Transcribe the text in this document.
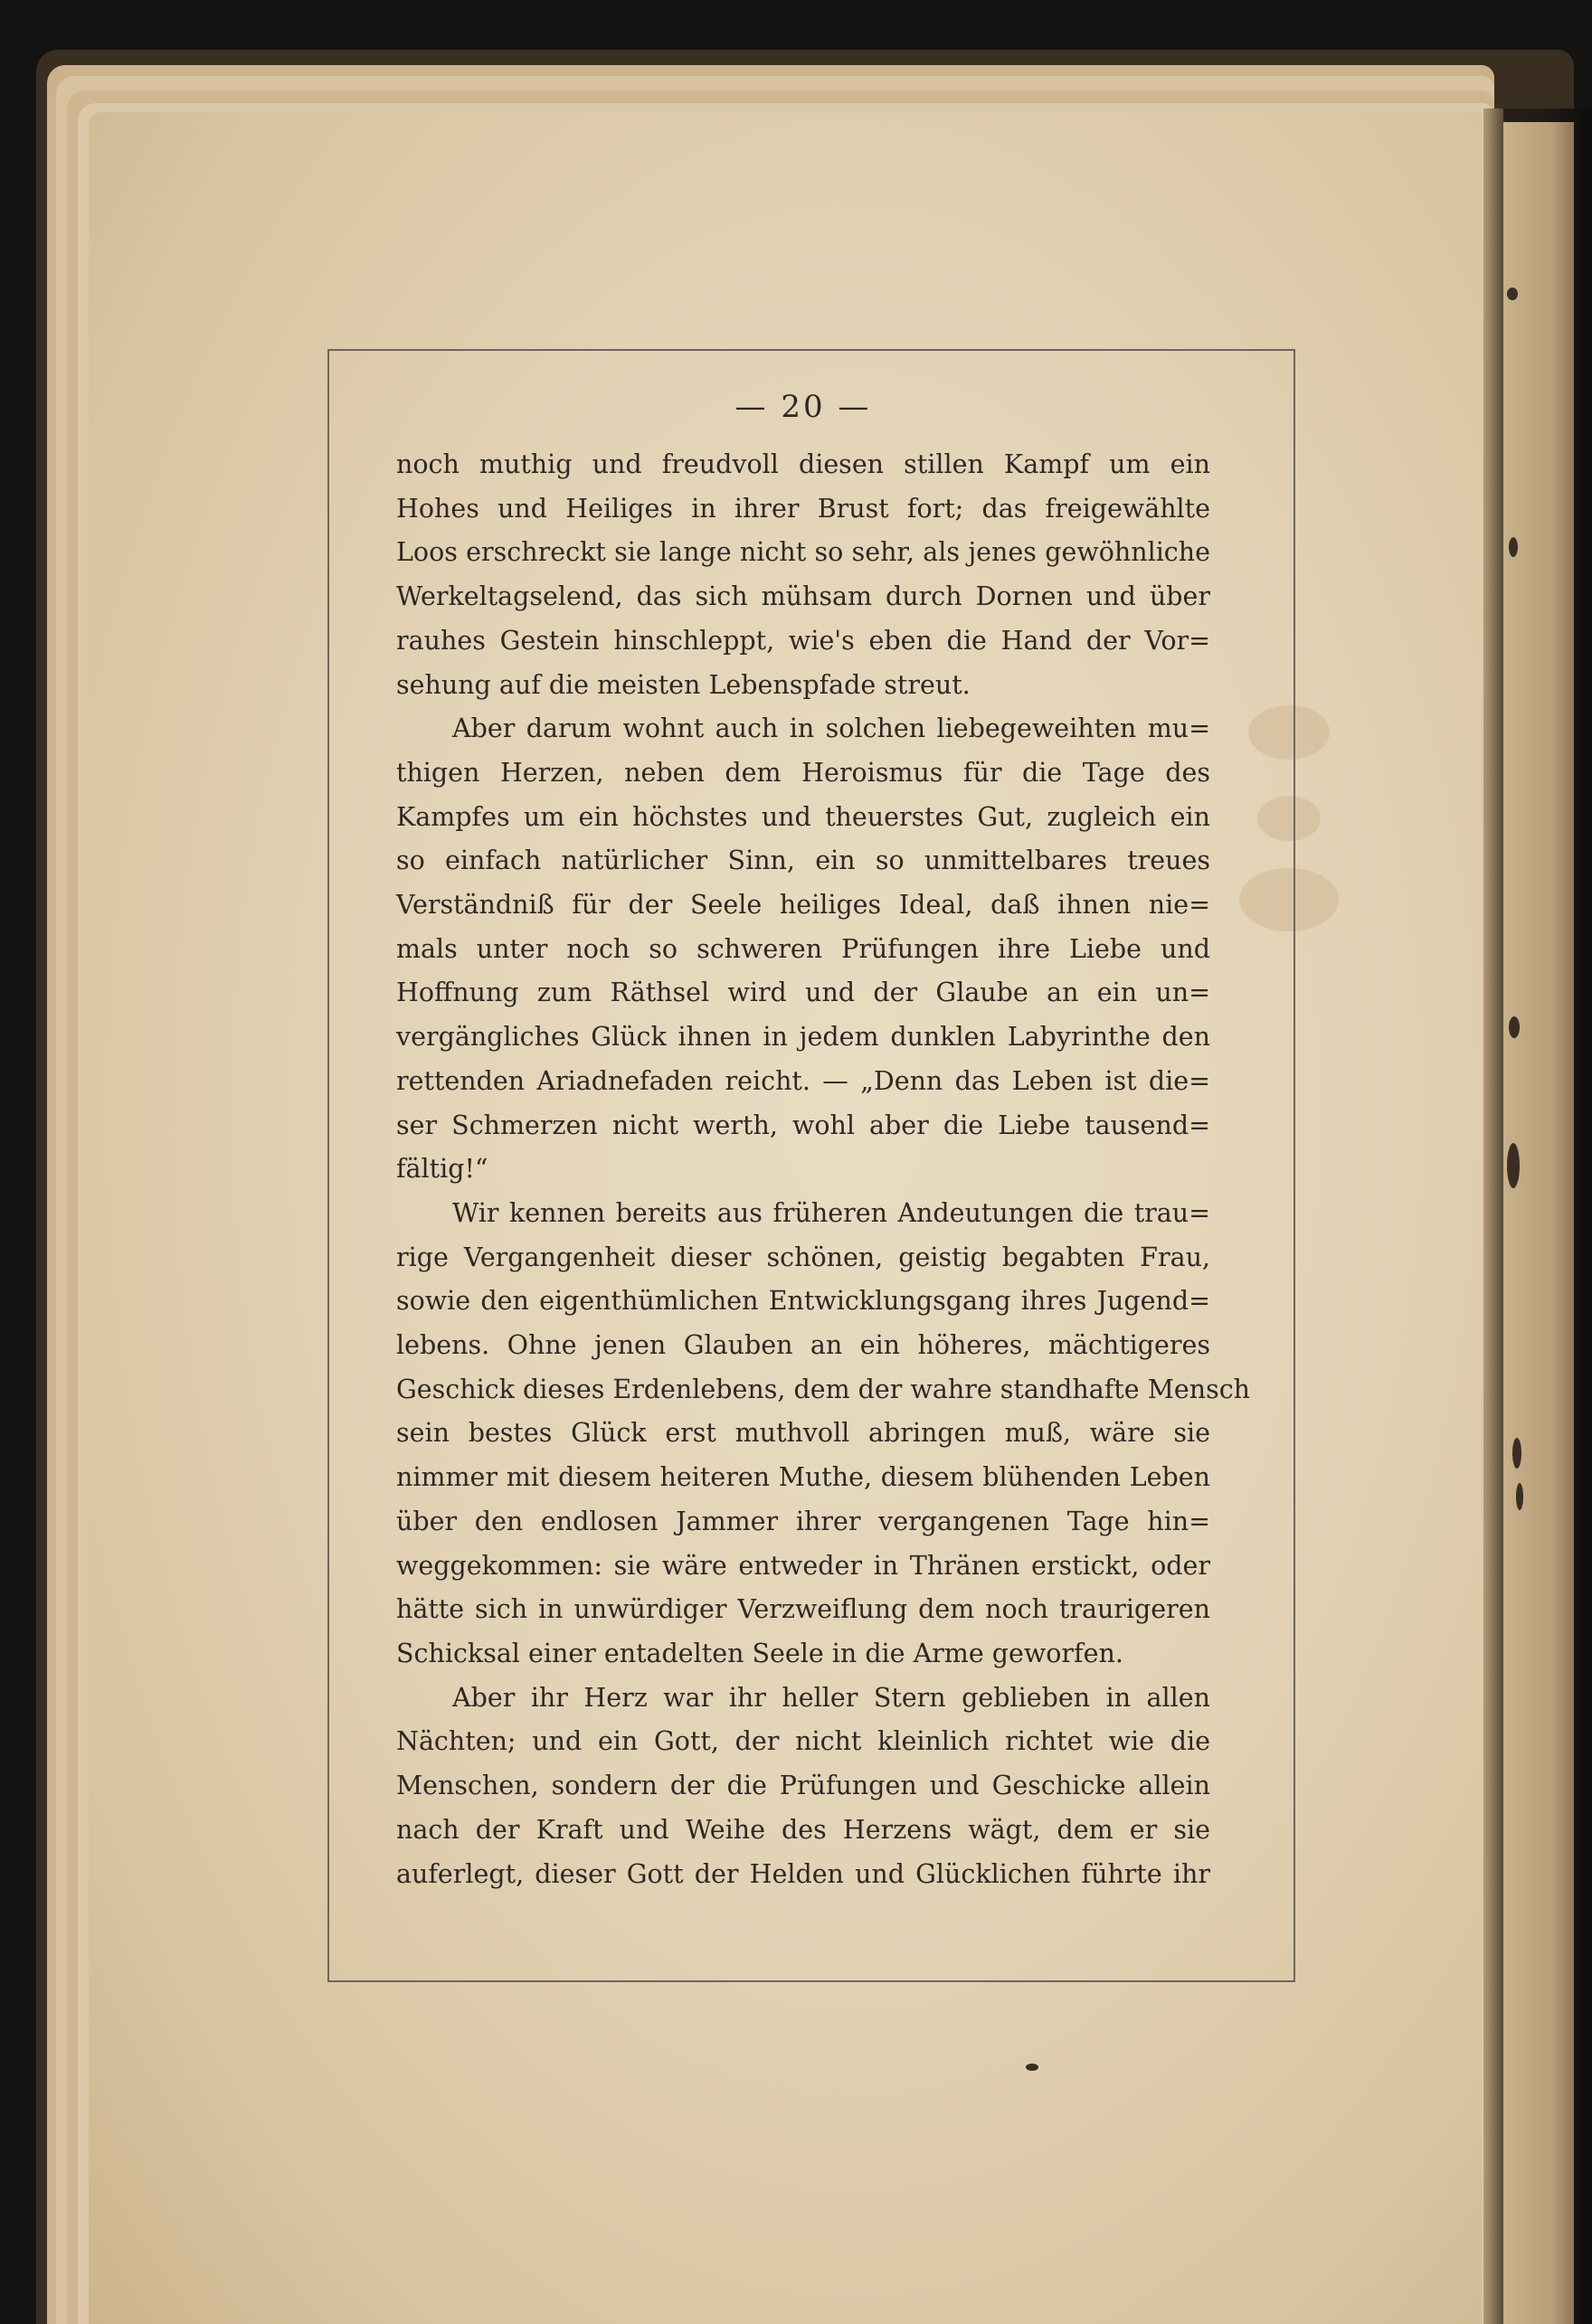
— 20 —
noch muthig und freudvoll diesen stillen Kampf um ein
Hohes und Heiliges in ihrer Brust fort; das freigewählte
Loos erschreckt sie lange nicht so sehr, als jenes gewöhnliche
Werkeltagselend, das sich mühsam durch Dornen und über
rauhes Gestein hinschleppt, wie's eben die Hand der Vor=
sehung auf die meisten Lebenspfade streut.
Aber darum wohnt auch in solchen liebegeweihten mu=
thigen Herzen, neben dem Heroismus für die Tage des
Kampfes um ein höchstes und theuerstes Gut, zugleich ein
so einfach natürlicher Sinn, ein so unmittelbares treues
Verständniß für der Seele heiliges Ideal, daß ihnen nie=
mals unter noch so schweren Prüfungen ihre Liebe und
Hoffnung zum Räthsel wird und der Glaube an ein un=
vergängliches Glück ihnen in jedem dunklen Labyrinthe den
rettenden Ariadnefaden reicht. — „Denn das Leben ist die=
ser Schmerzen nicht werth, wohl aber die Liebe tausend=
fältig!“
Wir kennen bereits aus früheren Andeutungen die trau=
rige Vergangenheit dieser schönen, geistig begabten Frau,
sowie den eigenthümlichen Entwicklungsgang ihres Jugend=
lebens. Ohne jenen Glauben an ein höheres, mächtigeres
Geschick dieses Erdenlebens, dem der wahre standhafte Mensch
sein bestes Glück erst muthvoll abringen muß, wäre sie
nimmer mit diesem heiteren Muthe, diesem blühenden Leben
über den endlosen Jammer ihrer vergangenen Tage hin=
weggekommen: sie wäre entweder in Thränen erstickt, oder
hätte sich in unwürdiger Verzweiflung dem noch traurigeren
Schicksal einer entadelten Seele in die Arme geworfen.
Aber ihr Herz war ihr heller Stern geblieben in allen
Nächten; und ein Gott, der nicht kleinlich richtet wie die
Menschen, sondern der die Prüfungen und Geschicke allein
nach der Kraft und Weihe des Herzens wägt, dem er sie
auferlegt, dieser Gott der Helden und Glücklichen führte ihr
